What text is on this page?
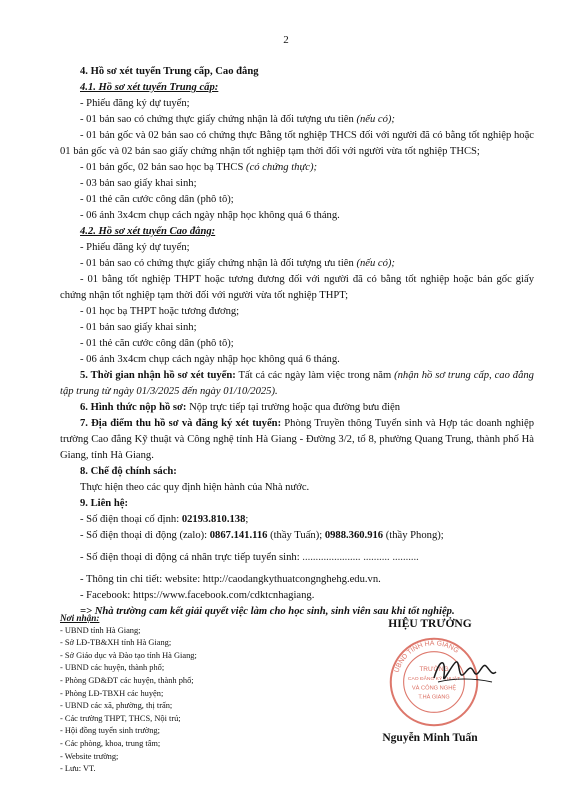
2

4. Hồ sơ xét tuyển Trung cấp, Cao đẳng

4.1. Hồ sơ xét tuyển Trung cấp:

- Phiếu đăng ký dự tuyển;

- 01 bản sao có chứng thực giấy chứng nhận là đối tượng ưu tiên (nếu có);

- 01 bản gốc và 02 bản sao có chứng thực Bằng tốt nghiệp THCS đối với người đã có bằng tốt nghiệp hoặc 01 bản gốc và 02 bản sao giấy chứng nhận tốt nghiệp tạm thời đối với người vừa tốt nghiệp THCS;

- 01 bản gốc, 02 bản sao học bạ THCS (có chứng thực);

- 03 bản sao giấy khai sinh;

- 01 thẻ căn cước công dân (phô tô);

- 06 ảnh 3x4cm chụp cách ngày nhập học không quá 6 tháng.

4.2. Hồ sơ xét tuyển Cao đẳng:

- Phiếu đăng ký dự tuyển;

- 01 bản sao có chứng thực giấy chứng nhận là đối tượng ưu tiên (nếu có);

- 01 bằng tốt nghiệp THPT hoặc tương đương đối với người đã có bằng tốt nghiệp hoặc bản gốc giấy chứng nhận tốt nghiệp tạm thời đối với người vừa tốt nghiệp THPT;

- 01 học bạ THPT hoặc tương đương;

- 01 bản sao giấy khai sinh;

- 01 thẻ căn cước công dân (phô tô);

- 06 ảnh 3x4cm chụp cách ngày nhập học không quá 6 tháng.

5. Thời gian nhận hồ sơ xét tuyển: Tất cả các ngày làm việc trong năm (nhận hồ sơ trung cấp, cao đẳng tập trung từ ngày 01/3/2025 đến ngày 01/10/2025).

6. Hình thức nộp hồ sơ: Nộp trực tiếp tại trường hoặc qua đường bưu điện

7. Địa điểm thu hồ sơ và đăng ký xét tuyển: Phòng Truyền thông Tuyển sinh và Hợp tác doanh nghiệp trường Cao đẳng Kỹ thuật và Công nghệ tỉnh Hà Giang - Đường 3/2, tổ 8, phường Quang Trung, thành phố Hà Giang, tỉnh Hà Giang.

8. Chế độ chính sách:

Thực hiện theo các quy định hiện hành của Nhà nước.

9. Liên hệ:

- Số điện thoại cố định: 02193.810.138;

- Số điện thoại di động (zalo): 0867.141.116 (thầy Tuấn); 0988.360.916 (thầy Phong);

- Số điện thoại di động cá nhân trực tiếp tuyển sinh: ...................... .......... ..........

- Thông tin chi tiết: website: http://caodangkythuatcongnghehg.edu.vn.

- Facebook: https://www.facebook.com/cdktcnhagiang.

=> Nhà trường cam kết giải quyết việc làm cho học sinh, sinh viên sau khi tốt nghiệp.

Nơi nhận:
- UBND tỉnh Hà Giang;
- Sở LĐ-TB&XH tỉnh Hà Giang;
- Sở Giáo dục và Đào tạo tỉnh Hà Giang;
- UBND các huyện, thành phố;
- Phòng GD&ĐT các huyện, thành phố;
- Phòng LĐ-TBXH các huyện;
- UBND các xã, phường, thị trấn;
- Các trường THPT, THCS, Nội trú;
- Hội đồng tuyển sinh trường;
- Các phòng, khoa, trung tâm;
- Website trường;
- Lưu: VT.
HIỆU TRƯỞNG
UBND TỈNH HÀ GIANG
TRƯỜNG
CAO ĐẲNG KỸ THUẬT
VÀ CÔNG NGHỆ
T.HÀ GIANG
Nguyễn Minh Tuấn
